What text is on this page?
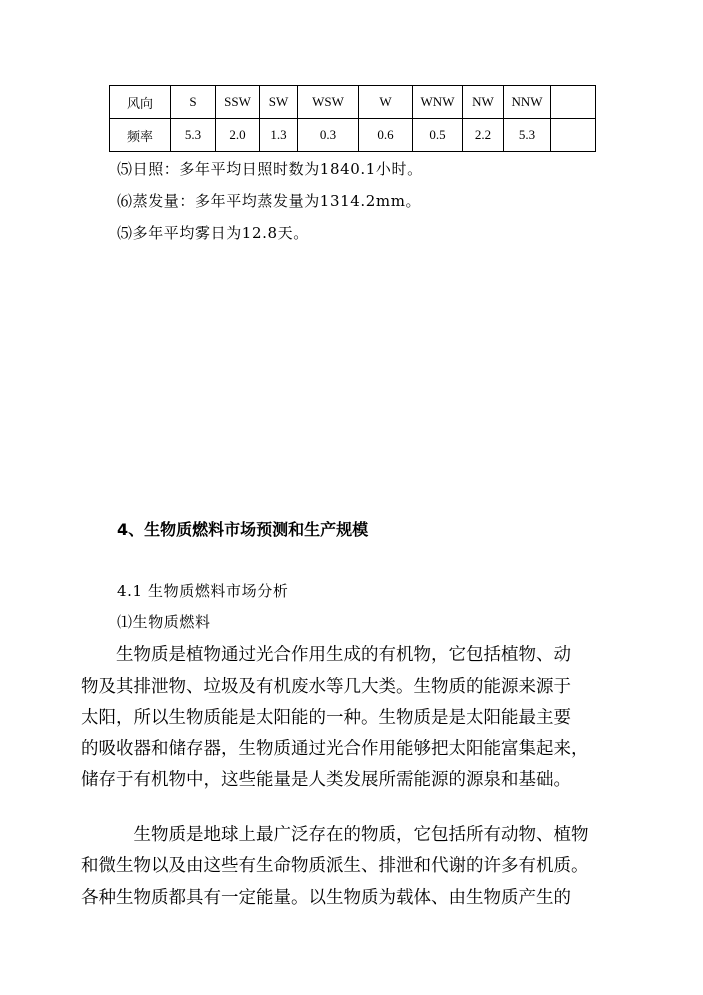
风向	S	SSW	SW	WSW	W	WNW	NW	NNW	
频率	5.3	2.0	1.3	0.3	0.6	0.5	2.2	5.3	
⑸日照：多年平均日照时数为1840.1小时。
⑹蒸发量：多年平均蒸发量为1314.2mm。
⑸多年平均雾日为12.8天。
4、生物质燃料市场预测和生产规模
4.1 生物质燃料市场分析
⑴生物质燃料
　　生物质是植物通过光合作用生成的有机物，它包括植物、动
物及其排泄物、垃圾及有机废水等几大类。生物质的能源来源于
太阳，所以生物质能是太阳能的一种。生物质是是太阳能最主要
的吸收器和储存器，生物质通过光合作用能够把太阳能富集起来，
储存于有机物中，这些能量是人类发展所需能源的源泉和基础。
　　　生物质是地球上最广泛存在的物质，它包括所有动物、植物
和微生物以及由这些有生命物质派生、排泄和代谢的许多有机质。
各种生物质都具有一定能量。以生物质为载体、由生物质产生的
